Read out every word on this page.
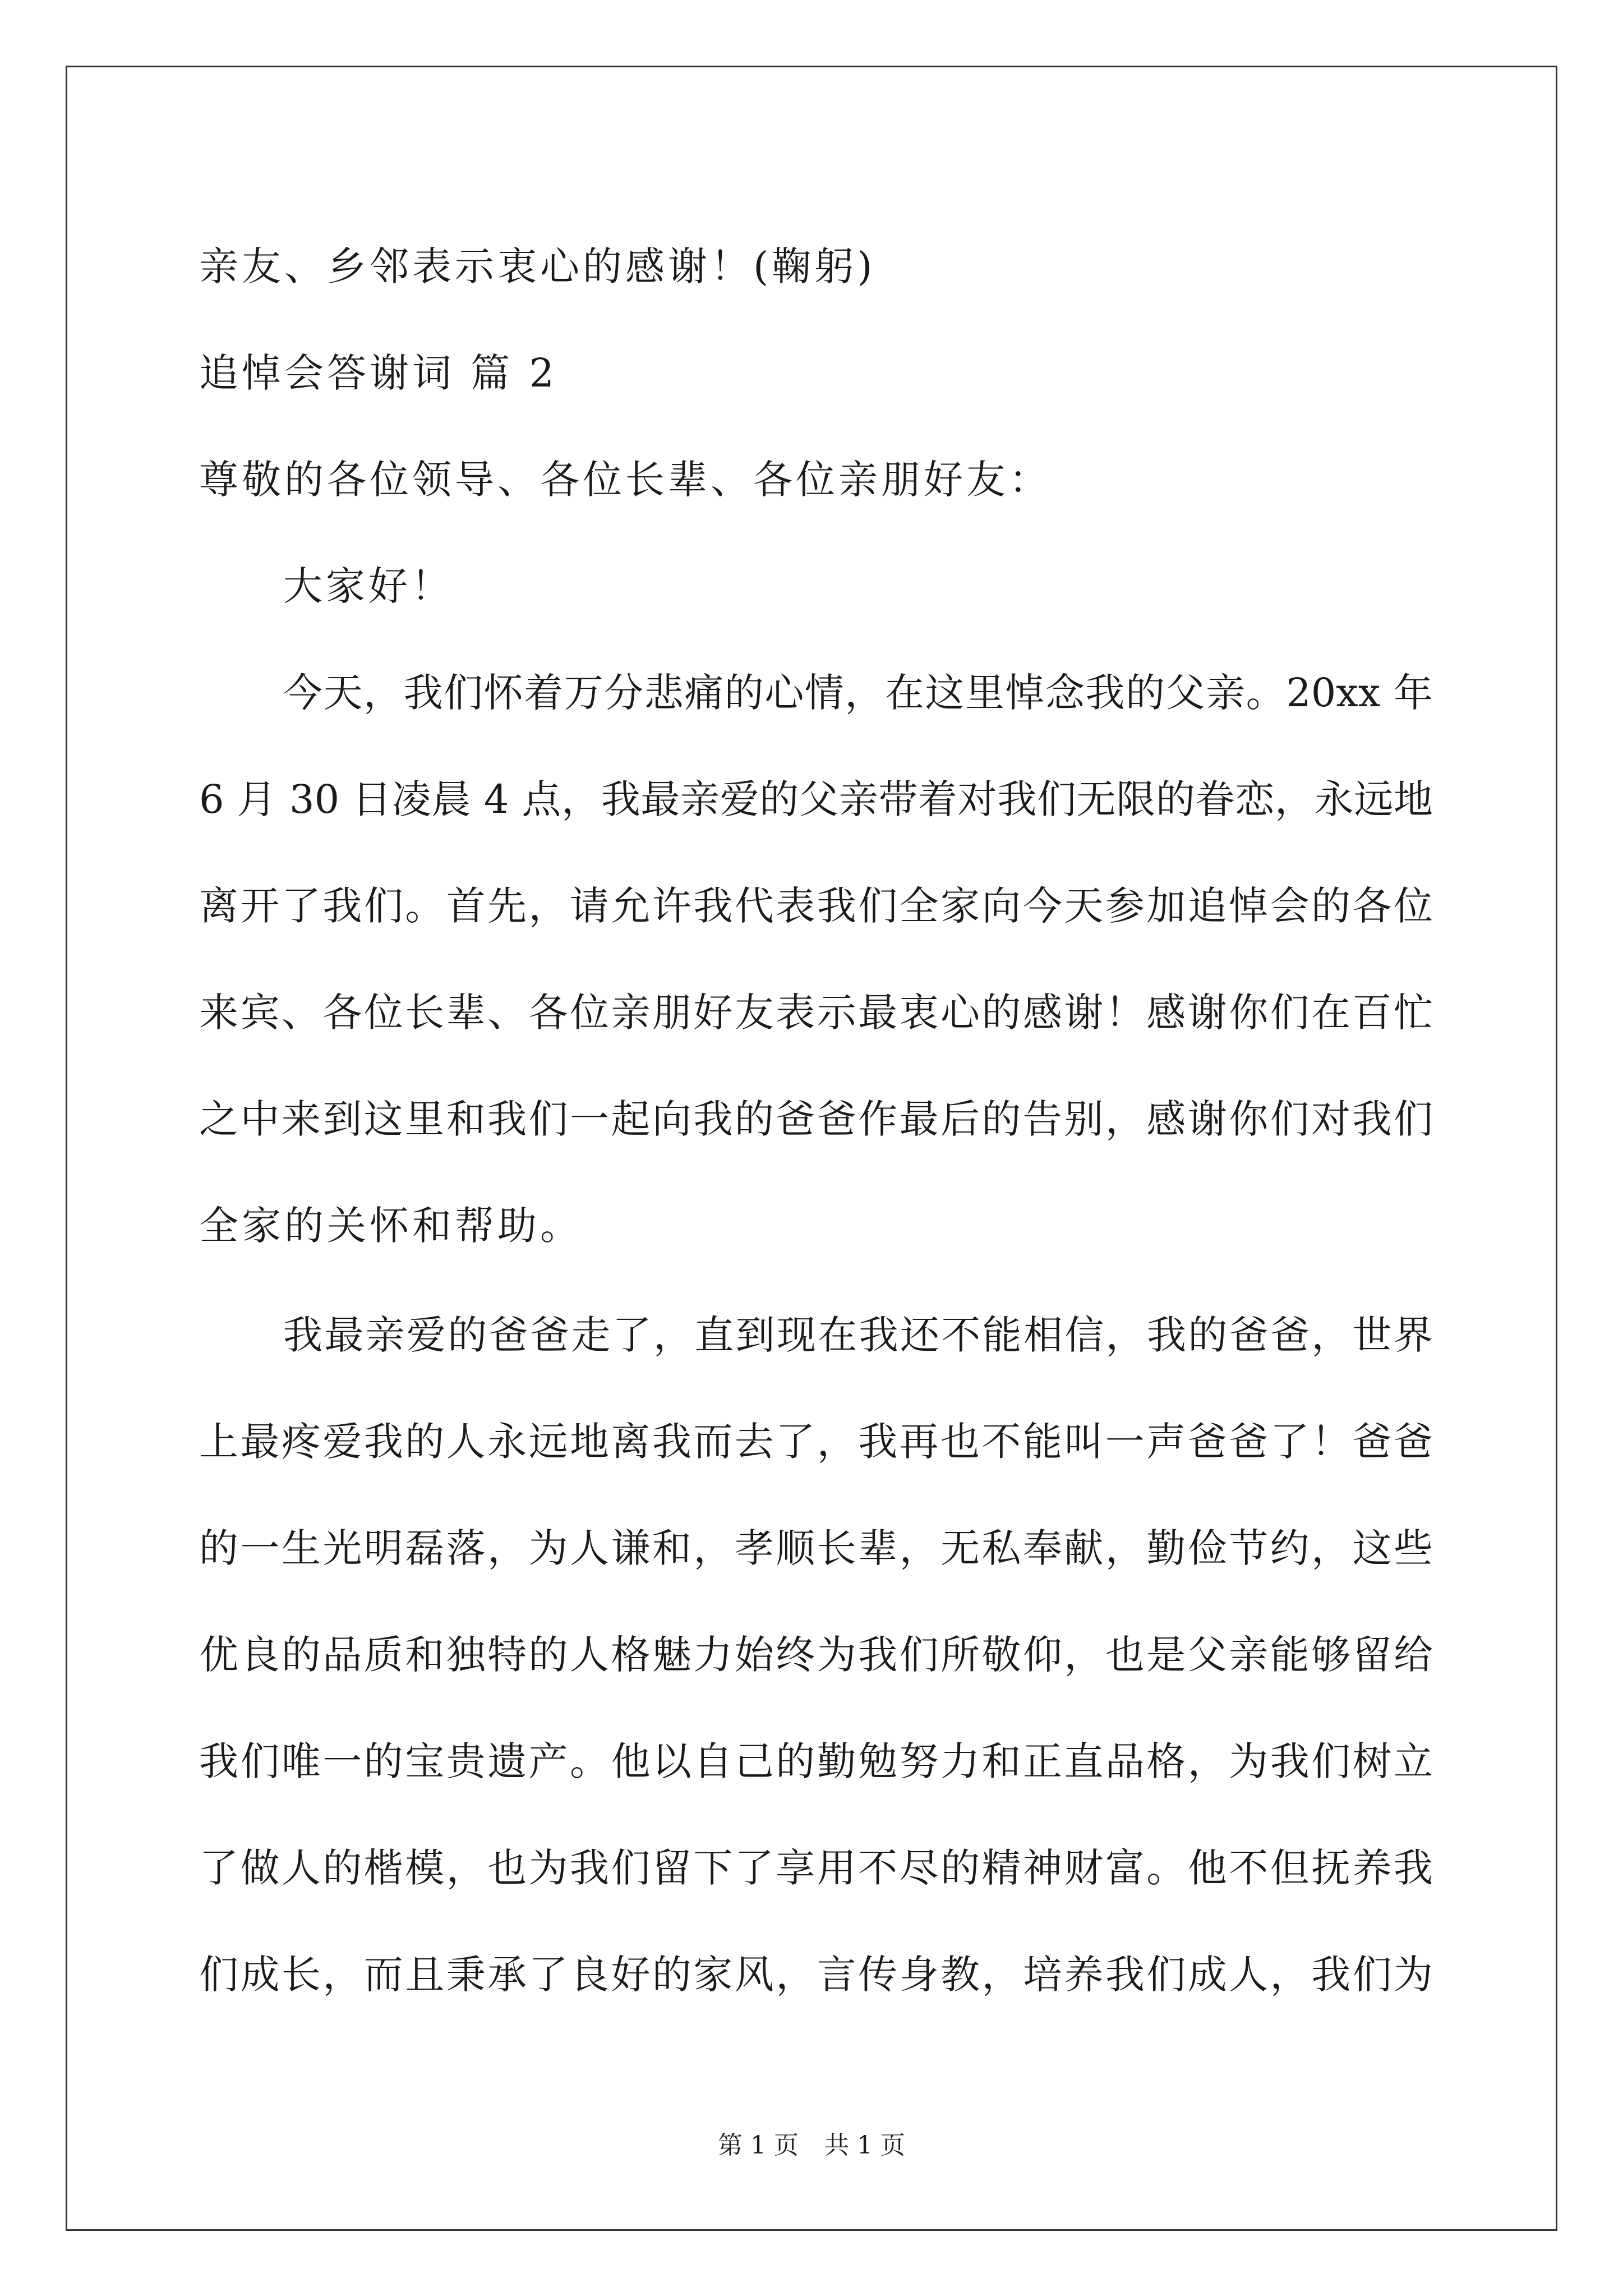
亲友、乡邻表示衷心的感谢！(鞠躬)
追悼会答谢词 篇 2
尊敬的各位领导、各位长辈、各位亲朋好友：
大家好！
今天，我们怀着万分悲痛的心情，在这里悼念我的父亲。20xx 年
6 月 30 日凌晨 4 点，我最亲爱的父亲带着对我们无限的眷恋，永远地
离开了我们。首先，请允许我代表我们全家向今天参加追悼会的各位
来宾、各位长辈、各位亲朋好友表示最衷心的感谢！感谢你们在百忙
之中来到这里和我们一起向我的爸爸作最后的告别，感谢你们对我们
全家的关怀和帮助。
我最亲爱的爸爸走了，直到现在我还不能相信，我的爸爸，世界
上最疼爱我的人永远地离我而去了，我再也不能叫一声爸爸了！爸爸
的一生光明磊落，为人谦和，孝顺长辈，无私奉献，勤俭节约，这些
优良的品质和独特的人格魅力始终为我们所敬仰，也是父亲能够留给
我们唯一的宝贵遗产。他以自己的勤勉努力和正直品格，为我们树立
了做人的楷模，也为我们留下了享用不尽的精神财富。他不但抚养我
们成长，而且秉承了良好的家风，言传身教，培养我们成人，我们为
第 1 页 共 1 页
